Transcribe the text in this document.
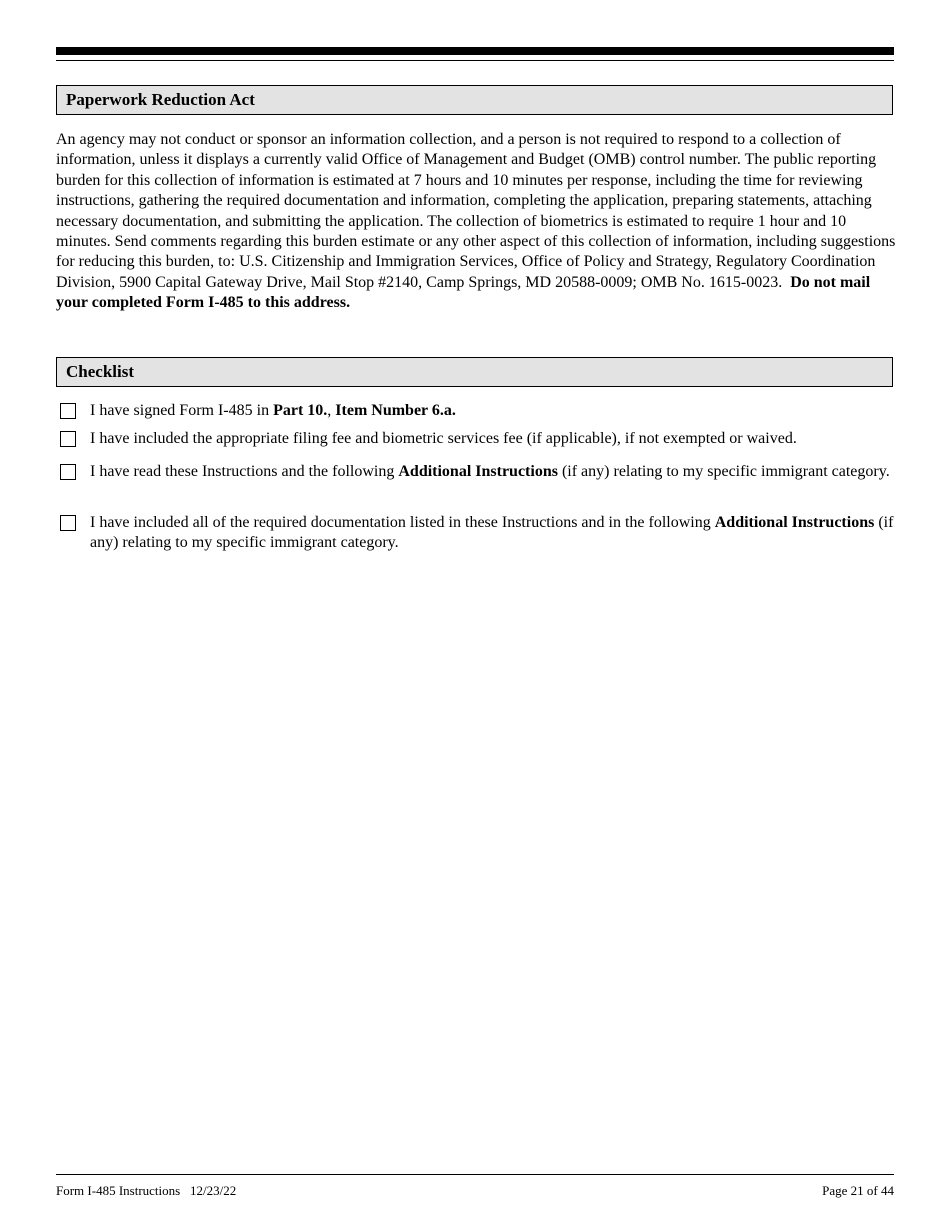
Paperwork Reduction Act

An agency may not conduct or sponsor an information collection, and a person is not required to respond to a collection of information, unless it displays a currently valid Office of Management and Budget (OMB) control number. The public reporting burden for this collection of information is estimated at 7 hours and 10 minutes per response, including the time for reviewing instructions, gathering the required documentation and information, completing the application, preparing statements, attaching necessary documentation, and submitting the application. The collection of biometrics is estimated to require 1 hour and 10 minutes. Send comments regarding this burden estimate or any other aspect of this collection of information, including suggestions for reducing this burden, to: U.S. Citizenship and Immigration Services, Office of Policy and Strategy, Regulatory Coordination Division, 5900 Capital Gateway Drive, Mail Stop #2140, Camp Springs, MD 20588-0009; OMB No. 1615-0023. Do not mail your completed Form I-485 to this address.

Checklist

I have signed Form I-485 in Part 10., Item Number 6.a.

I have included the appropriate filing fee and biometric services fee (if applicable), if not exempted or waived.

I have read these Instructions and the following Additional Instructions (if any) relating to my specific immigrant category.

I have included all of the required documentation listed in these Instructions and in the following Additional Instructions (if any) relating to my specific immigrant category.

Form I-485 Instructions 12/23/22	Page 21 of 44
